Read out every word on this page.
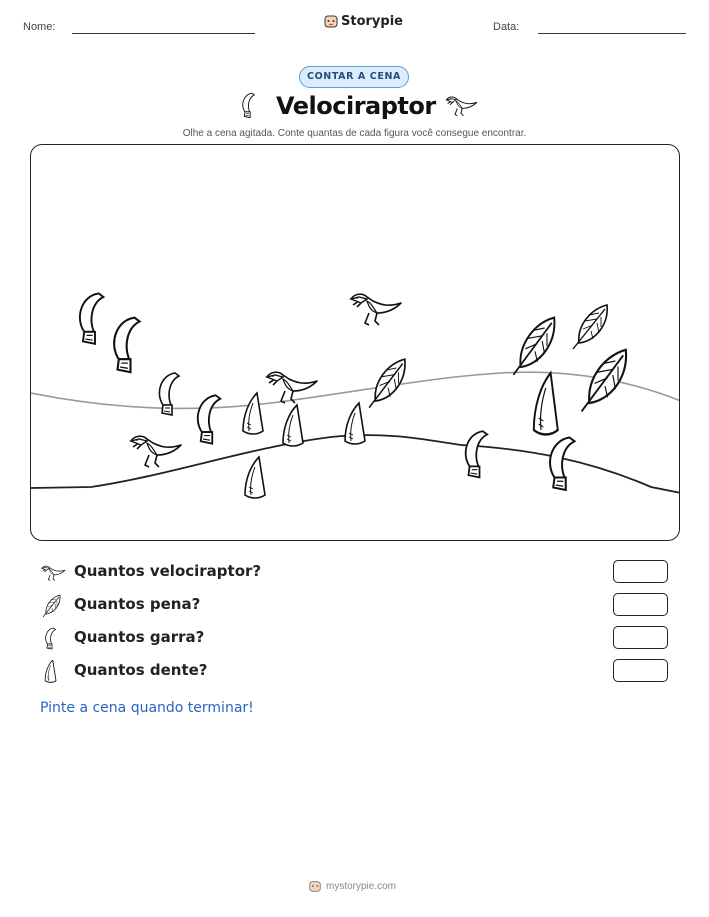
Nome:	Storypie	Data:
CONTAR A CENA
Velociraptor
Olhe a cena agitada. Conte quantas de cada figura você consegue encontrar.
Quantos velociraptor?
Quantos pena?
Quantos garra?
Quantos dente?
Pinte a cena quando terminar!
mystorypie.com
